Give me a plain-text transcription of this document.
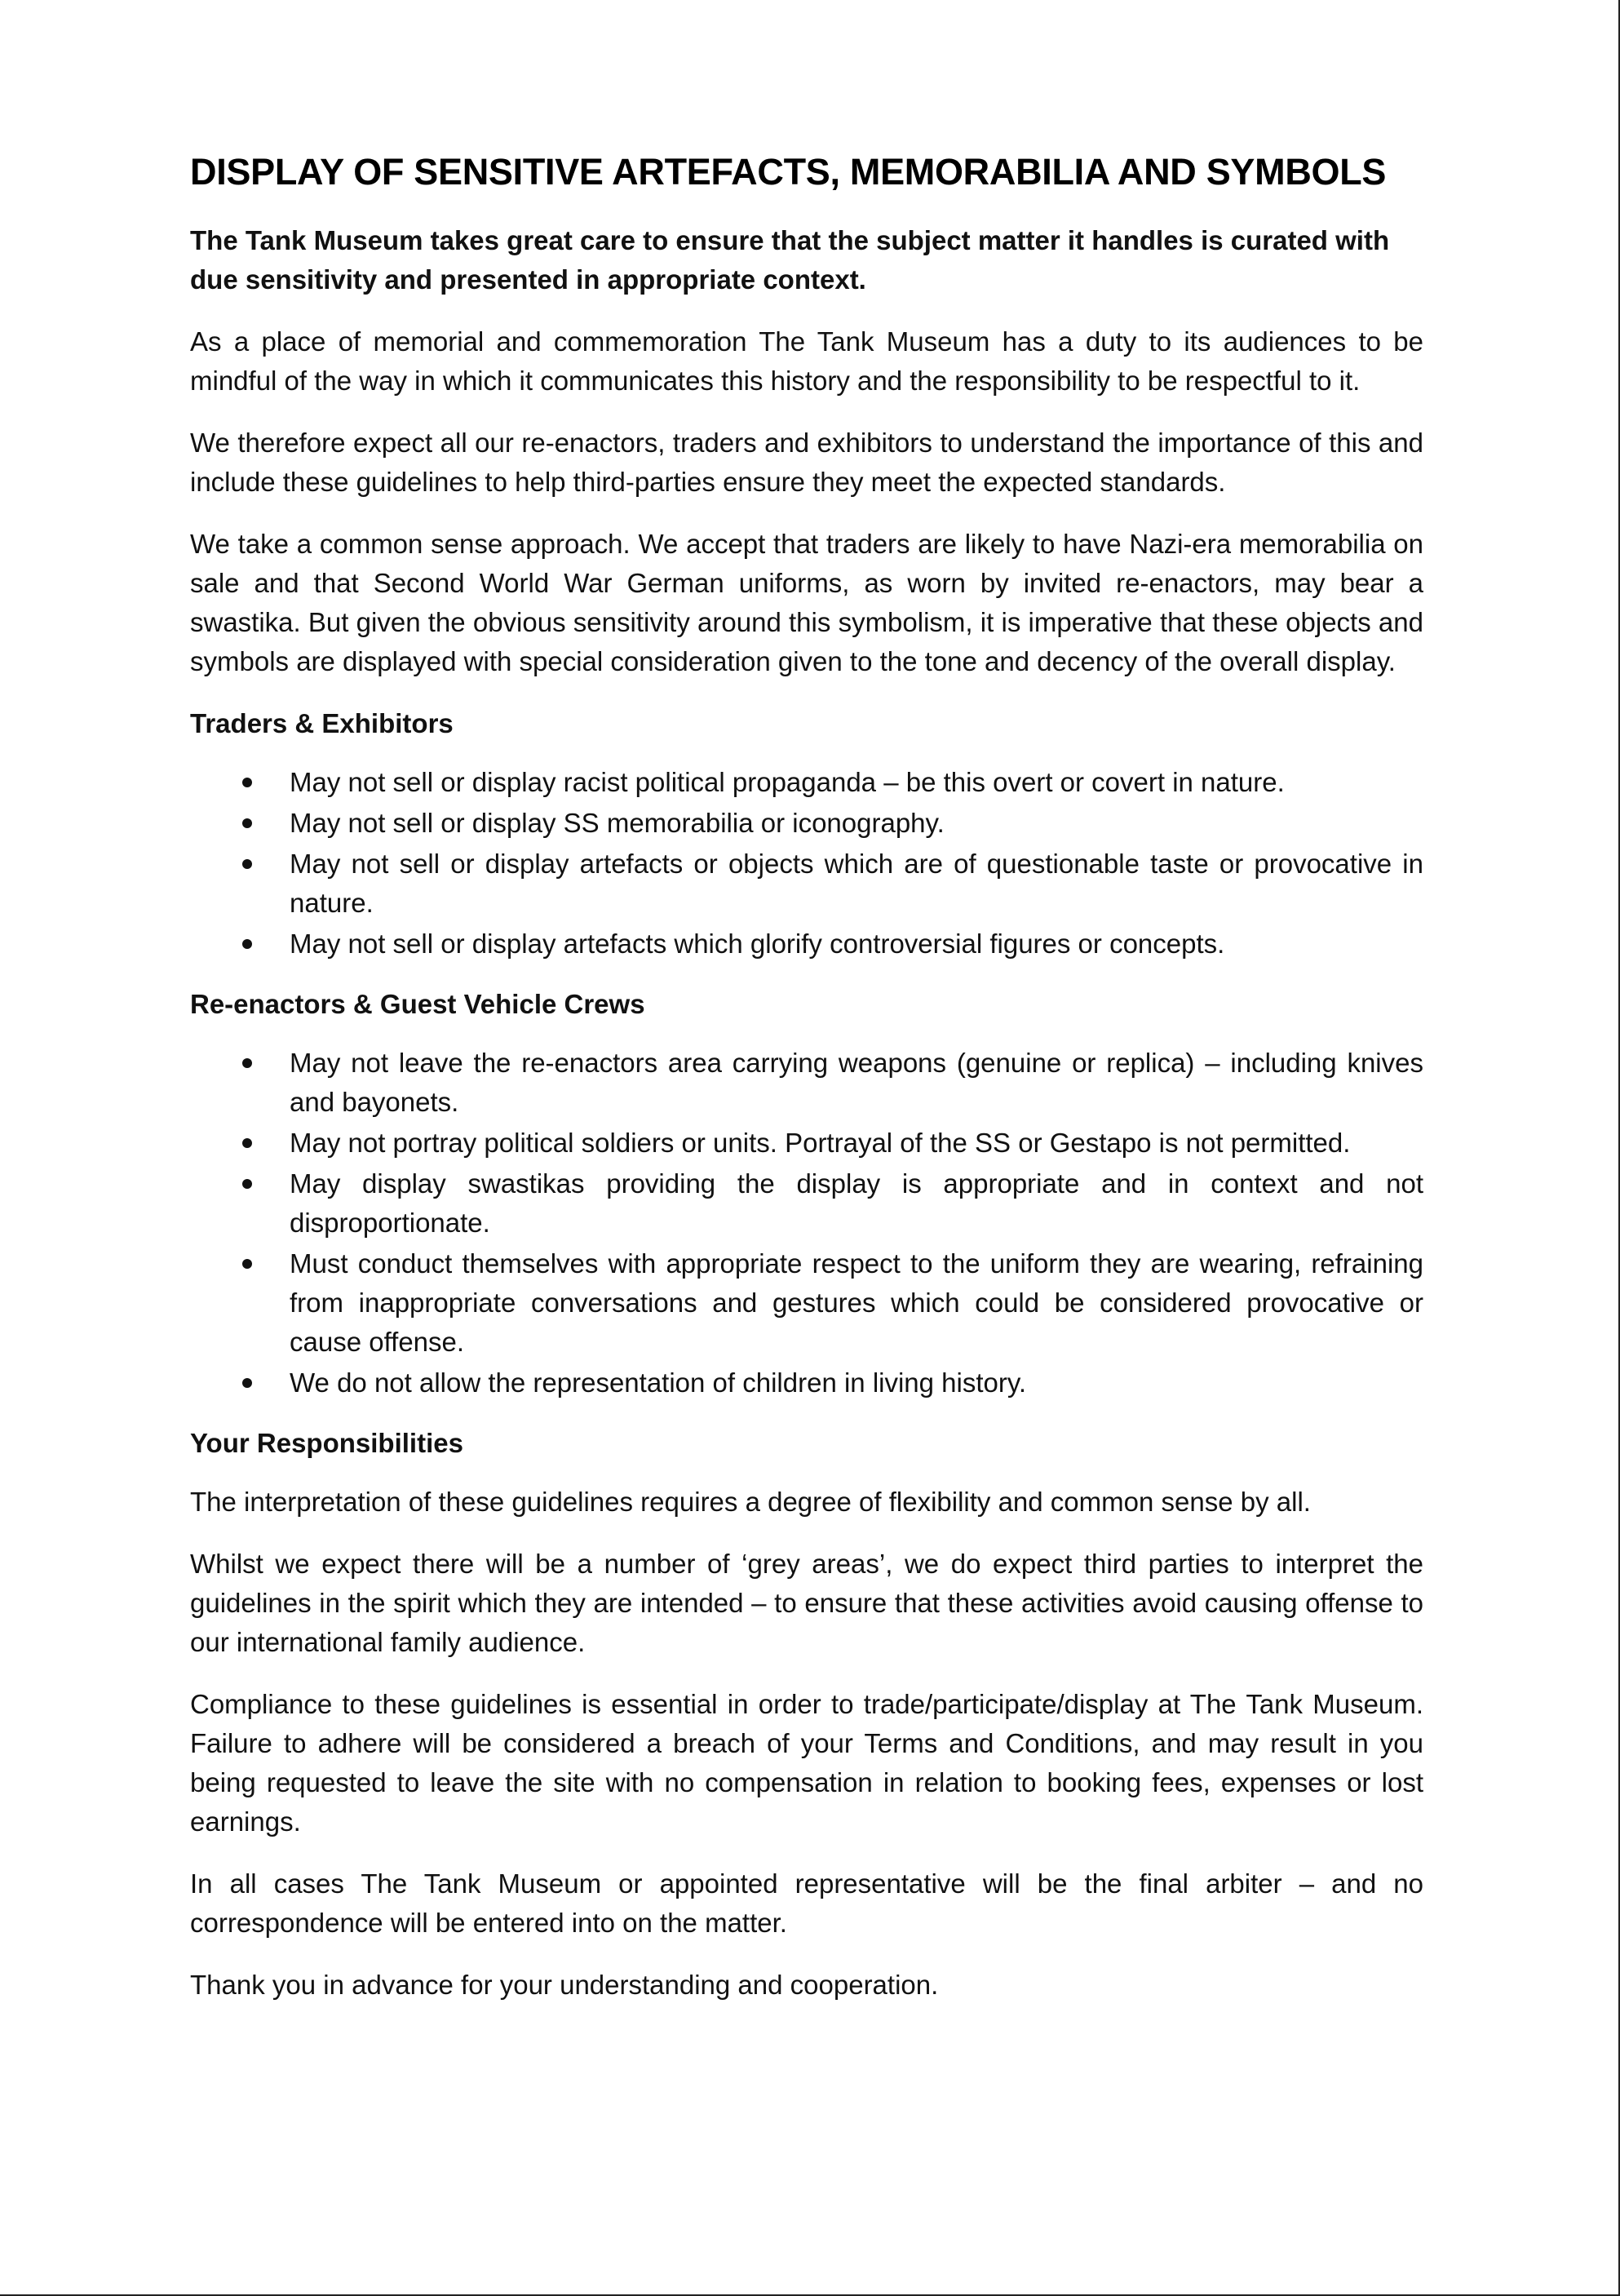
DISPLAY OF SENSITIVE ARTEFACTS, MEMORABILIA AND SYMBOLS

The Tank Museum takes great care to ensure that the subject matter it handles is curated with due sensitivity and presented in appropriate context.

As a place of memorial and commemoration The Tank Museum has a duty to its audiences to be mindful of the way in which it communicates this history and the responsibility to be respectful to it.

We therefore expect all our re-enactors, traders and exhibitors to understand the importance of this and include these guidelines to help third-parties ensure they meet the expected standards.

We take a common sense approach. We accept that traders are likely to have Nazi-era memorabilia on sale and that Second World War German uniforms, as worn by invited re-enactors, may bear a swastika. But given the obvious sensitivity around this symbolism, it is imperative that these objects and symbols are displayed with special consideration given to the tone and decency of the overall display.

Traders & Exhibitors
May not sell or display racist political propaganda – be this overt or covert in nature.
May not sell or display SS memorabilia or iconography.
May not sell or display artefacts or objects which are of questionable taste or provocative in nature.
May not sell or display artefacts which glorify controversial figures or concepts.
Re-enactors & Guest Vehicle Crews
May not leave the re-enactors area carrying weapons (genuine or replica) – including knives and bayonets.
May not portray political soldiers or units. Portrayal of the SS or Gestapo is not permitted.
May display swastikas providing the display is appropriate and in context and not disproportionate.
Must conduct themselves with appropriate respect to the uniform they are wearing, refraining from inappropriate conversations and gestures which could be considered provocative or cause offense.
We do not allow the representation of children in living history.
Your Responsibilities

The interpretation of these guidelines requires a degree of flexibility and common sense by all.

Whilst we expect there will be a number of ‘grey areas’, we do expect third parties to interpret the guidelines in the spirit which they are intended – to ensure that these activities avoid causing offense to our international family audience.

Compliance to these guidelines is essential in order to trade/participate/display at The Tank Museum. Failure to adhere will be considered a breach of your Terms and Conditions, and may result in you being requested to leave the site with no compensation in relation to booking fees, expenses or lost earnings.

In all cases The Tank Museum or appointed representative will be the final arbiter – and no correspondence will be entered into on the matter.

Thank you in advance for your understanding and cooperation.
